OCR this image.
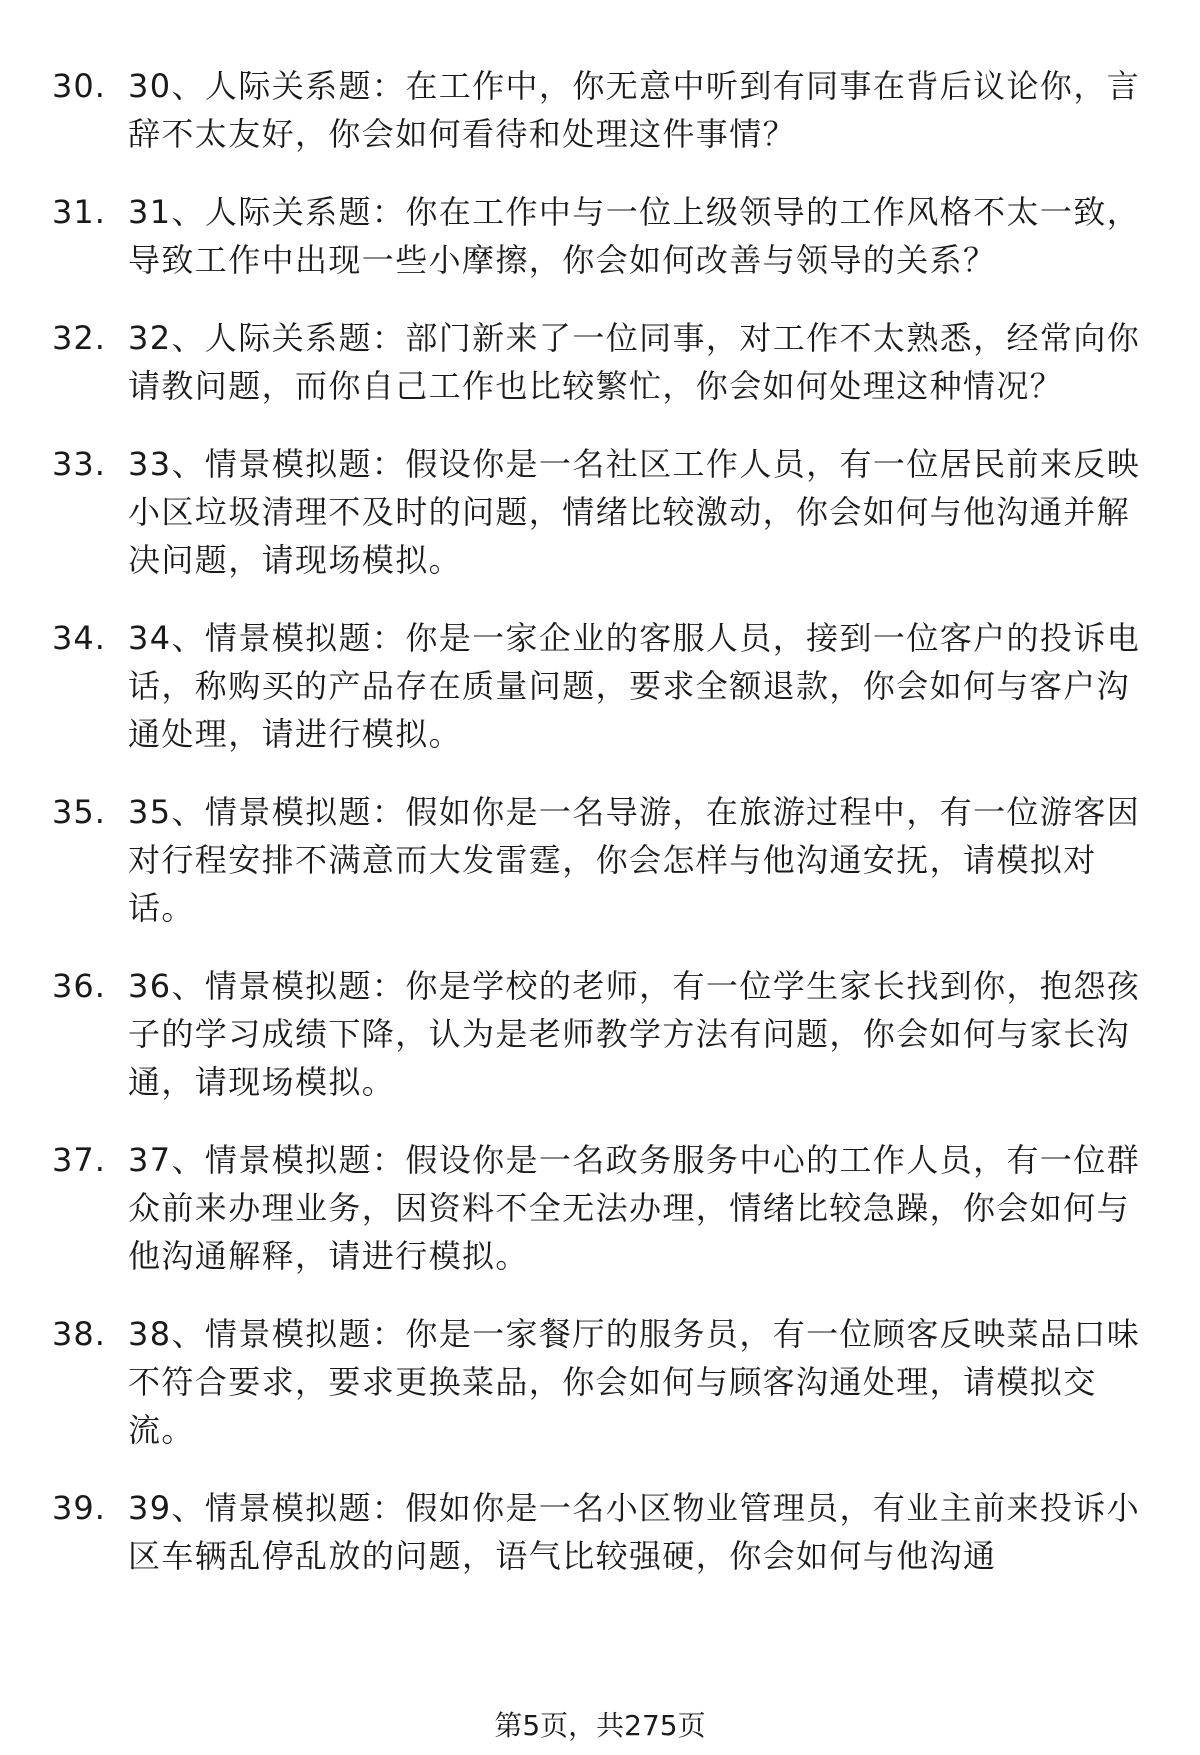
30. 30、人际关系题：在工作中，你无意中听到有同事在背后议论你，言辞不太友好，你会如何看待和处理这件事情？
31. 31、人际关系题：你在工作中与一位上级领导的工作风格不太一致，导致工作中出现一些小摩擦，你会如何改善与领导的关系？
32. 32、人际关系题：部门新来了一位同事，对工作不太熟悉，经常向你请教问题，而你自己工作也比较繁忙，你会如何处理这种情况？
33. 33、情景模拟题：假设你是一名社区工作人员，有一位居民前来反映小区垃圾清理不及时的问题，情绪比较激动，你会如何与他沟通并解决问题，请现场模拟。
34. 34、情景模拟题：你是一家企业的客服人员，接到一位客户的投诉电话，称购买的产品存在质量问题，要求全额退款，你会如何与客户沟通处理，请进行模拟。
35. 35、情景模拟题：假如你是一名导游，在旅游过程中，有一位游客因对行程安排不满意而大发雷霆，你会怎样与他沟通安抚，请模拟对话。
36. 36、情景模拟题：你是学校的老师，有一位学生家长找到你，抱怨孩子的学习成绩下降，认为是老师教学方法有问题，你会如何与家长沟通，请现场模拟。
37. 37、情景模拟题：假设你是一名政务服务中心的工作人员，有一位群众前来办理业务，因资料不全无法办理，情绪比较急躁，你会如何与他沟通解释，请进行模拟。
38. 38、情景模拟题：你是一家餐厅的服务员，有一位顾客反映菜品口味不符合要求，要求更换菜品，你会如何与顾客沟通处理，请模拟交流。
39. 39、情景模拟题：假如你是一名小区物业管理员，有业主前来投诉小区车辆乱停乱放的问题，语气比较强硬，你会如何与他沟通
第5页，共275页
